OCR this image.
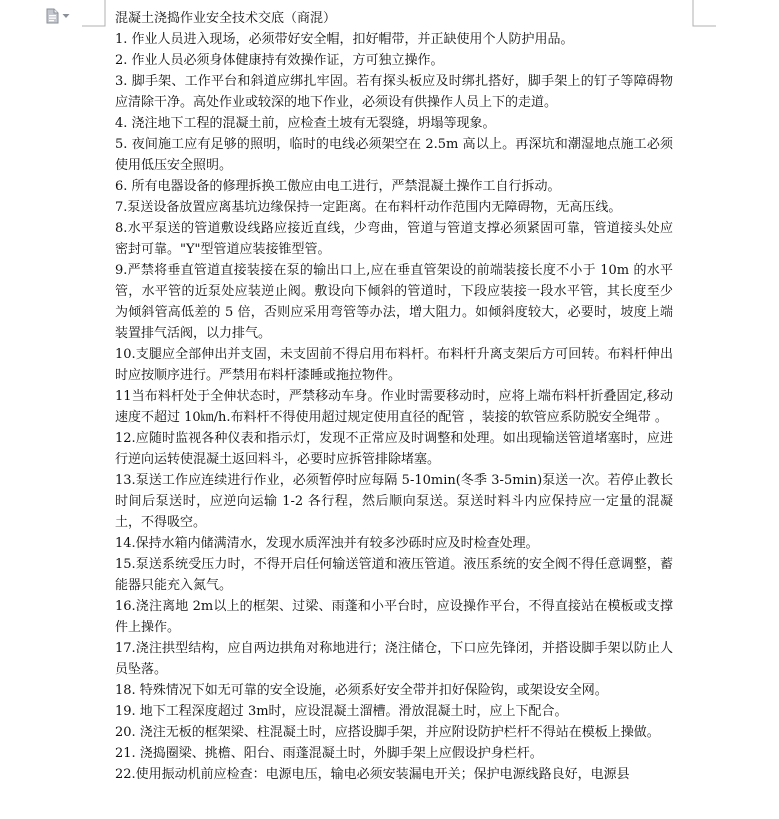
混凝土浇捣作业安全技术交底（商混）

1. 作业人员进入现场，必须带好安全帽，扣好帽带，并正缺使用个人防护用品。

2. 作业人员必须身体健康持有效操作证，方可独立操作。

3. 脚手架、工作平台和斜道应绑扎牢固。若有探头板应及时绑扎搭好，脚手架上的钉子等障碍物应清除干净。高处作业或较深的地下作业，必须设有供操作人员上下的走道。

4. 浇注地下工程的混凝土前，应检查土坡有无裂缝，坍塌等现象。

5. 夜间施工应有足够的照明，临时的电线必须架空在 2.5m 高以上。再深坑和潮湿地点施工必须使用低压安全照明。

6. 所有电器设备的修理拆换工傲应由电工进行，严禁混凝土操作工自行拆动。

7.泵送设备放置应离基坑边缘保持一定距离。在布料杆动作范围内无障碍物，无高压线。

8.水平泵送的管道敷设线路应接近直线，少弯曲，管道与管道支撑必须紧固可靠，管道接头处应密封可靠。"Y"型管道应装接锥型管。

9.严禁将垂直管道直接装接在泵的输出口上,应在垂直管架设的前端装接长度不小于 10m 的水平管，水平管的近泵处应装逆止阀。敷设向下倾斜的管道时，下段应装接一段水平管，其长度至少为倾斜管高低差的 5 倍，否则应采用弯管等办法，增大阻力。如倾斜度较大，必要时，坡度上端装置排气活阀，以力排气。

10.支腿应全部伸出并支固，未支固前不得启用布料杆。布料杆升离支架后方可回转。布料杆伸出时应按顺序进行。严禁用布料杆漆睡或拖拉物件。

11当布料杆处于全伸状态时，严禁移动车身。作业时需要移动时，应将上端布料杆折叠固定,移动速度不超过 10㎞/h.布料杆不得使用超过规定使用直径的配管 ，装接的软管应系防脱安全绳带 。

12.应随时监视各种仪表和指示灯，发现不正常应及时调整和处理。如出现输送管道堵塞时，应进行逆向运转使混凝土返回料斗，必要时应拆管排除堵塞。

13.泵送工作应连续进行作业，必须暂停时应每隔 5-10min(冬季 3-5min)泵送一次。若停止教长时间后泵送时，应逆向运输 1-2 各行程，然后顺向泵送。泵送时料斗内应保持应一定量的混凝土，不得吸空。

14.保持水箱内储满清水，发现水质浑浊并有较多沙砾时应及时检查处理。

15.泵送系统受压力时，不得开启任何输送管道和液压管道。液压系统的安全阀不得任意调整，蓄能器只能充入氮气。

16.浇注离地 2m以上的框架、过梁、雨蓬和小平台时，应设操作平台，不得直接站在模板或支撑件上操作。

17.浇注拱型结构，应自两边拱角对称地进行；浇注储仓，下口应先锋闭，并搭设脚手架以防止人员坠落。

18. 特殊情况下如无可靠的安全设施，必须系好安全带并扣好保险钩，或架设安全网。

19. 地下工程深度超过 3m时，应设混凝土溜槽。滑放混凝土时，应上下配合。

20. 浇注无板的框架梁、柱混凝土时，应搭设脚手架，并应附设防护栏杆不得站在模板上操做。

21. 浇捣圈梁、挑檐、阳台、雨蓬混凝土时，外脚手架上应假设护身栏杆。

22.使用振动机前应检查：电源电压，输电必须安装漏电开关；保护电源线路良好，电源县
